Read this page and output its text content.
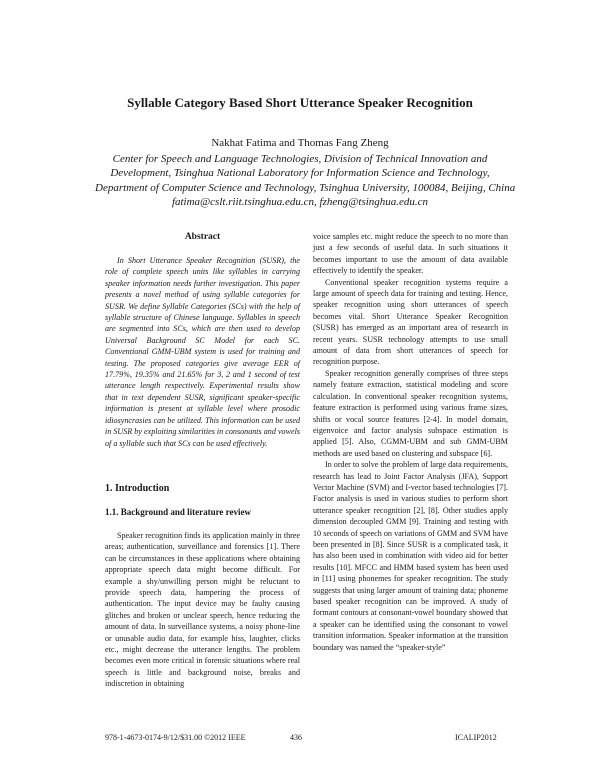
Syllable Category Based Short Utterance Speaker Recognition
Nakhat Fatima and Thomas Fang Zheng
Center for Speech and Language Technologies, Division of Technical Innovation and
Development, Tsinghua National Laboratory for Information Science and Technology,
Department of Computer Science and Technology, Tsinghua University, 100084, Beijing, China
fatima@cslt.riit.tsinghua.edu.cn, fzheng@tsinghua.edu.cn
Abstract

In Short Utterance Speaker Recognition (SUSR), the role of complete speech units like syllables in carrying speaker information needs further investigation. This paper presents a novel method of using syllable categories for SUSR. We define Syllable Categories (SCs) with the help of syllable structure of Chinese language. Syllables in speech are segmented into SCs, which are then used to develop Universal Background SC Model for each SC. Conventional GMM-UBM system is used for training and testing. The proposed categories give average EER of 17.79%, 19.35% and 21.65% for 3, 2 and 1 second of test utterance length respectively. Experimental results show that in text dependent SUSR, significant speaker-specific information is present at syllable level where prosodic idiosyncrasies can be utilized. This information can be used in SUSR by exploiting similarities in consonants and vowels of a syllable such that SCs can be used effectively.

1. Introduction
1.1. Background and literature review

Speaker recognition finds its application mainly in three areas; authentication, surveillance and forensics [1]. There can be circumstances in these applications where obtaining appropriate speech data might become difficult. For example a shy/unwilling person might be reluctant to provide speech data, hampering the process of authentication. The input device may be faulty causing glitches and broken or unclear speech, hence reducing the amount of data. In surveillance systems, a noisy phone-line or unusable audio data, for example hiss, laughter, clicks etc., might decrease the utterance lengths. The problem becomes even more critical in forensic situations where real speech is little and background noise, breaks and indiscretion in obtaining

voice samples etc. might reduce the speech to no more than just a few seconds of useful data. In such situations it becomes important to use the amount of data available effectively to identify the speaker.

Conventional speaker recognition systems require a large amount of speech data for training and testing. Hence, speaker recognition using short utterances of speech becomes vital. Short Utterance Speaker Recognition (SUSR) has emerged as an important area of research in recent years. SUSR technology attempts to use small amount of data from short utterances of speech for recognition purpose.

Speaker recognition generally comprises of three steps namely feature extraction, statistical modeling and score calculation. In conventional speaker recognition systems, feature extraction is performed using various frame sizes, shifts or vocal source features [2-4]. In model domain, eigenvoice and factor analysis subspace estimation is applied [5]. Also, CGMM-UBM and sub GMM-UBM methods are used based on clustering and subspace [6].

In order to solve the problem of large data requirements, research has lead to Joint Factor Analysis (JFA), Support Vector Machine (SVM) and I-vector based technologies [7]. Factor analysis is used in various studies to perform short utterance speaker recognition [2], [8]. Other studies apply dimension decoupled GMM [9]. Training and testing with 10 seconds of speech on variations of GMM and SVM have been presented in [8]. Since SUSR is a complicated task, it has also been used in combination with video aid for better results [10]. MFCC and HMM based system has been used in [11] using phonemes for speaker recognition. The study suggests that using larger amount of training data; phoneme based speaker recognition can be improved. A study of formant contours at consonant-vowel boundary showed that a speaker can be identified using the consonant to vowel transition information. Speaker information at the transition boundary was named the “speaker-style”

978-1-4673-0174-9/12/$31.00 ©2012 IEEE	436	ICALIP2012
